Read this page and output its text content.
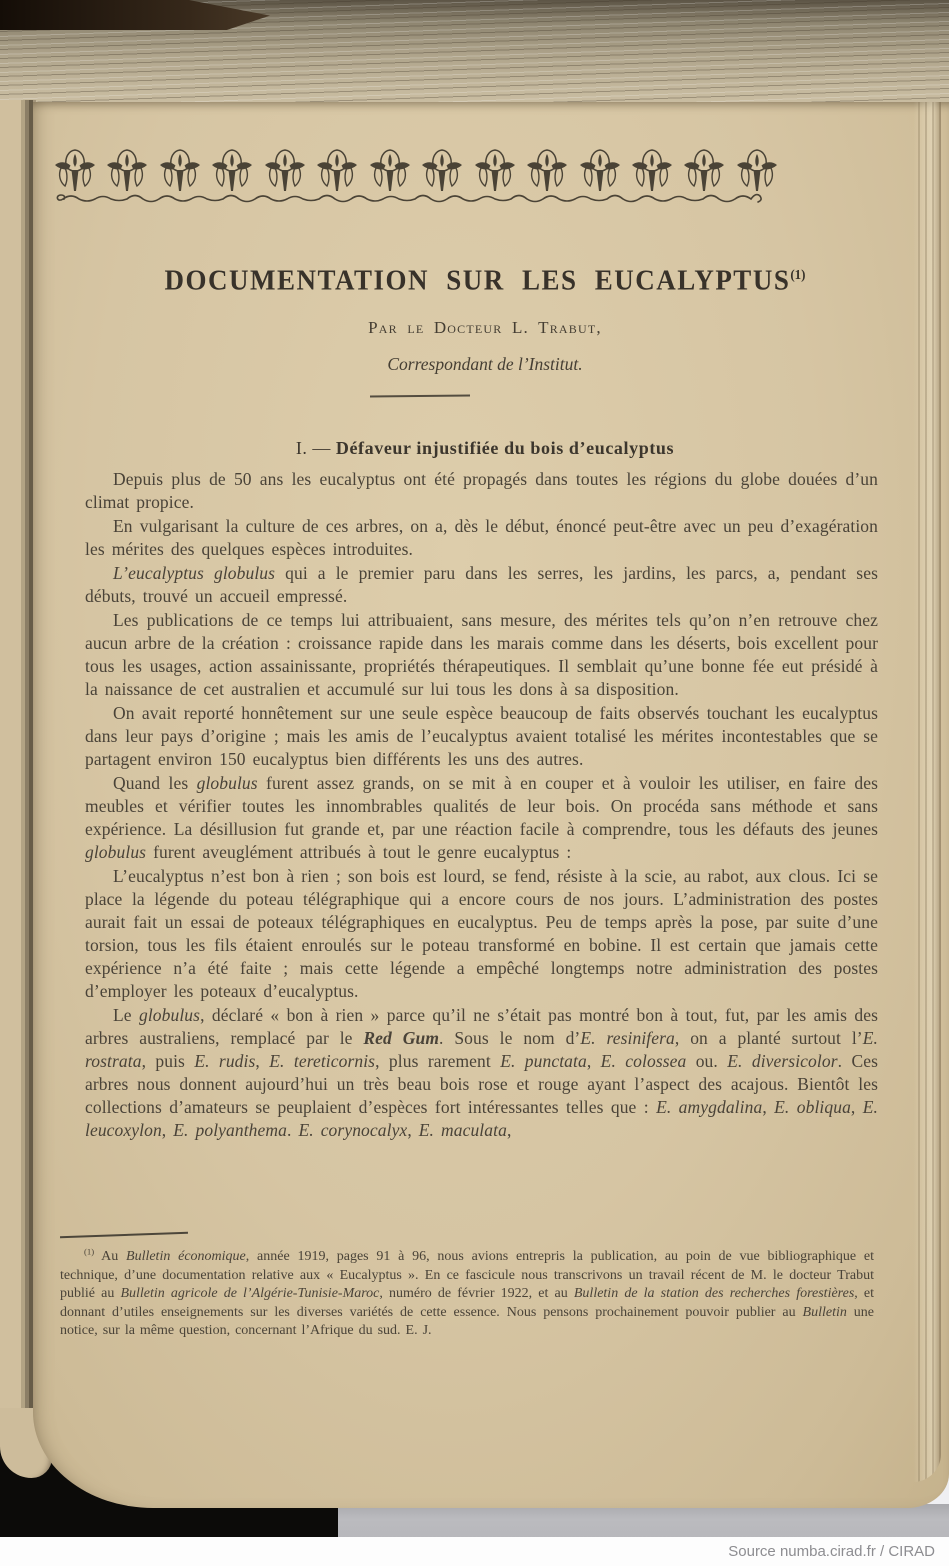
DOCUMENTATION SUR LES EUCALYPTUS$^{(1)}$

Par le Docteur L. Trabut,

Correspondant de l’Institut.

I. — Défaveur injustifiée du bois d’eucalyptus

Depuis plus de 50 ans les eucalyptus ont été propagés dans toutes les régions du globe douées d’un climat propice.

En vulgarisant la culture de ces arbres, on a, dès le début, énoncé peut-être avec un peu d’exagération les mérites des quelques espèces introduites.

L’eucalyptus globulus qui a le premier paru dans les serres, les jardins, les parcs, a, pendant ses débuts, trouvé un accueil empressé.

Les publications de ce temps lui attribuaient, sans mesure, des mérites tels qu’on n’en retrouve chez aucun arbre de la création : croissance rapide dans les marais comme dans les déserts, bois excellent pour tous les usages, action assainissante, propriétés thérapeutiques. Il semblait qu’une bonne fée eut présidé à la naissance de cet australien et accumulé sur lui tous les dons à sa disposition.

On avait reporté honnêtement sur une seule espèce beaucoup de faits observés touchant les eucalyptus dans leur pays d’origine ; mais les amis de l’eucalyptus avaient totalisé les mérites incontestables que se partagent environ 150 eucalyptus bien différents les uns des autres.

Quand les globulus furent assez grands, on se mit à en couper et à vouloir les utiliser, en faire des meubles et vérifier toutes les innombrables qualités de leur bois. On procéda sans méthode et sans expérience. La désillusion fut grande et, par une réaction facile à comprendre, tous les défauts des jeunes globulus furent aveuglément attribués à tout le genre eucalyptus :

L’eucalyptus n’est bon à rien ; son bois est lourd, se fend, résiste à la scie, au rabot, aux clous. Ici se place la légende du poteau télégraphique qui a encore cours de nos jours. L’administration des postes aurait fait un essai de poteaux télégraphiques en eucalyptus. Peu de temps après la pose, par suite d’une torsion, tous les fils étaient enroulés sur le poteau transformé en bobine. Il est certain que jamais cette expérience n’a été faite ; mais cette légende a empêché longtemps notre administration des postes d’employer les poteaux d’eucalyptus.

Le globulus, déclaré « bon à rien » parce qu’il ne s’était pas montré bon à tout, fut, par les amis des arbres australiens, remplacé par le Red Gum. Sous le nom d’E. resinifera, on a planté surtout l’E. rostrata, puis E. rudis, E. tereticornis, plus rarement E. punctata, E. colossea ou. E. diversicolor. Ces arbres nous donnent aujourd’hui un très beau bois rose et rouge ayant l’aspect des acajous. Bientôt les collections d’amateurs se peuplaient d’espèces fort intéressantes telles que : E. amygdalina, E. obliqua, E. leucoxylon, E. polyanthema. E. corynocalyx, E. maculata,

$^{(1)}$ Au Bulletin économique, année 1919, pages 91 à 96, nous avions entrepris la publication, au poin de vue bibliographique et technique, d’une documentation relative aux « Eucalyptus ». En ce fascicule nous transcrivons un travail récent de M. le docteur Trabut publié au Bulletin agricole de l’Algérie-Tunisie-Maroc, numéro de février 1922, et au Bulletin de la station des recherches forestières, et donnant d’utiles enseignements sur les diverses variétés de cette essence. Nous pensons prochainement pouvoir publier au Bulletin une notice, sur la même question, concernant l’Afrique du sud. E. J.

Source numba.cirad.fr / CIRAD
